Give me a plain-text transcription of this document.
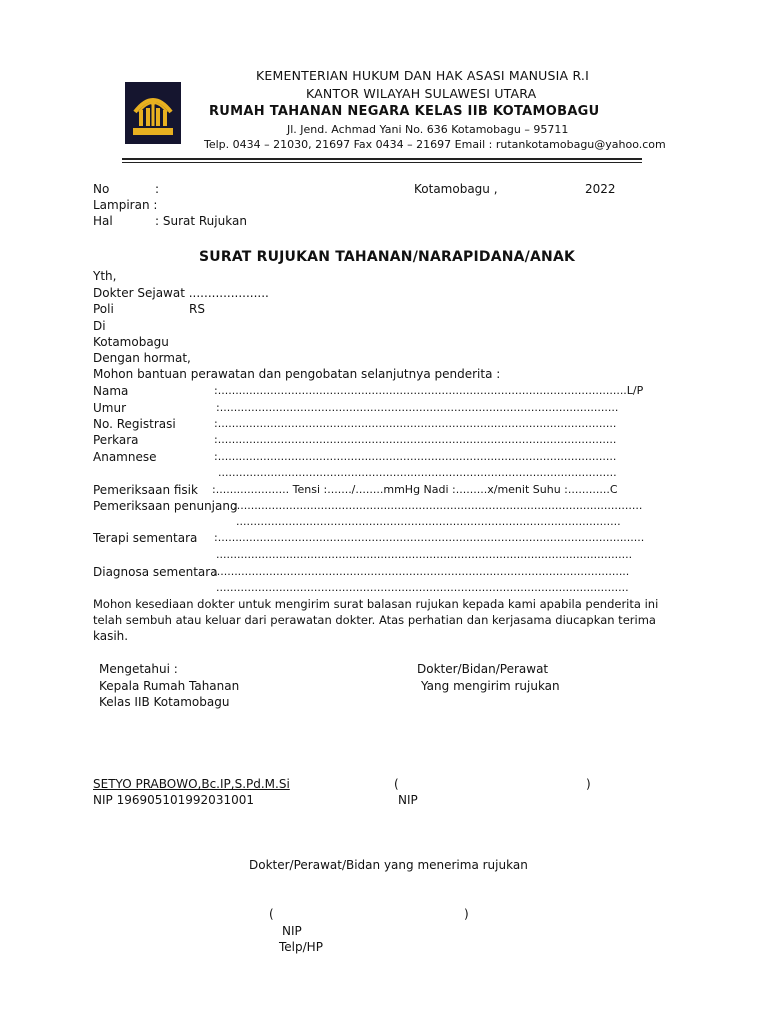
PENGAYOMAN
KEMENTERIAN HUKUM DAN HAK ASASI MANUSIA R.I
KANTOR WILAYAH SULAWESI UTARA
RUMAH TAHANAN NEGARA KELAS IIB KOTAMOBAGU
Jl. Jend. Achmad Yani No. 636 Kotamobagu – 95711
Telp. 0434 – 21030, 21697 Fax 0434 – 21697 Email : rutankotamobagu@yahoo.com
No	:	Kotamobagu ,	2022
Lampiran :
Hal	: Surat Rujukan
SURAT RUJUKAN TAHANAN/NARAPIDANA/ANAK
Yth,
Dokter Sejawat .....................
Poli	RS
Di
Kotamobagu
Dengan hormat,
Mohon bantuan perawatan dan pengobatan selanjutnya penderita :
Nama	:.....................................................................................................................L/P
Umur	:..................................................................................................................
No. Registrasi	:..................................................................................................................
Perkara	:..................................................................................................................
Anamnese	:..................................................................................................................
..................................................................................................................
Pemeriksaan fisik :..................... Tensi :......./........mmHg Nadi :.........x/menit Suhu :............C
Pemeriksaan penunjang
:....................................................................................................................
..............................................................................................................
Terapi sementara :..........................................................................................................................
.......................................................................................................................
Diagnosa sementara
:......................................................................................................................
......................................................................................................................
Mohon kesediaan dokter untuk mengirim surat balasan rujukan kepada kami apabila penderita ini
telah sembuh atau keluar dari perawatan dokter. Atas perhatian dan kerjasama diucapkan terima
kasih.
Mengetahui :
Kepala Rumah Tahanan
Kelas IIB Kotamobagu
Dokter/Bidan/Perawat
Yang mengirim rujukan
SETYO PRABOWO,Bc.IP,S.Pd.M.Si
NIP 196905101992031001
(	)
NIP
Dokter/Perawat/Bidan yang menerima rujukan
(	)
NIP
Telp/HP
